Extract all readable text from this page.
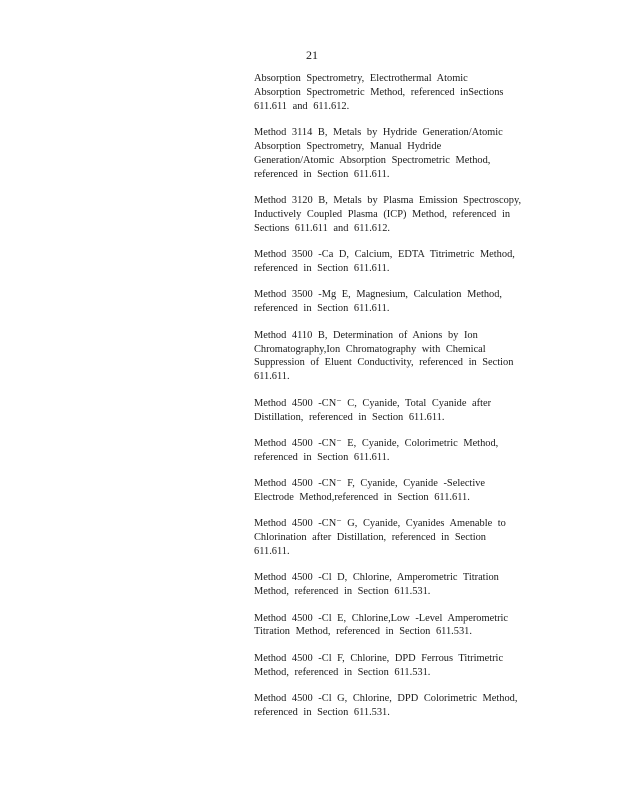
21

Absorption Spectrometry, Electrothermal Atomic
Absorption Spectrometric Method, referenced inSections
611.611 and 611.612.

Method 3114 B, Metals by Hydride Generation/Atomic
Absorption Spectrometry, Manual Hydride
Generation/Atomic Absorption Spectrometric Method,
referenced in Section 611.611.

Method 3120 B, Metals by Plasma Emission Spectroscopy,
Inductively Coupled Plasma (ICP) Method, referenced in
Sections 611.611 and 611.612.

Method 3500 -Ca D, Calcium, EDTA Titrimetric Method,
referenced in Section 611.611.

Method 3500 -Mg E, Magnesium, Calculation Method,
referenced in Section 611.611.

Method 4110 B, Determination of Anions by Ion
Chromatography,Ion Chromatography with Chemical
Suppression of Eluent Conductivity, referenced in Section
611.611.

Method 4500 -CN⁻ C, Cyanide, Total Cyanide after
Distillation, referenced in Section 611.611.

Method 4500 -CN⁻ E, Cyanide, Colorimetric Method,
referenced in Section 611.611.

Method 4500 -CN⁻ F, Cyanide, Cyanide -Selective
Electrode Method,referenced in Section 611.611.

Method 4500 -CN⁻ G, Cyanide, Cyanides Amenable to
Chlorination after Distillation, referenced in Section
611.611.

Method 4500 -Cl D, Chlorine, Amperometric Titration
Method, referenced in Section 611.531.

Method 4500 -Cl E, Chlorine,Low -Level Amperometric
Titration Method, referenced in Section 611.531.

Method 4500 -Cl F, Chlorine, DPD Ferrous Titrimetric
Method, referenced in Section 611.531.

Method 4500 -Cl G, Chlorine, DPD Colorimetric Method,
referenced in Section 611.531.
